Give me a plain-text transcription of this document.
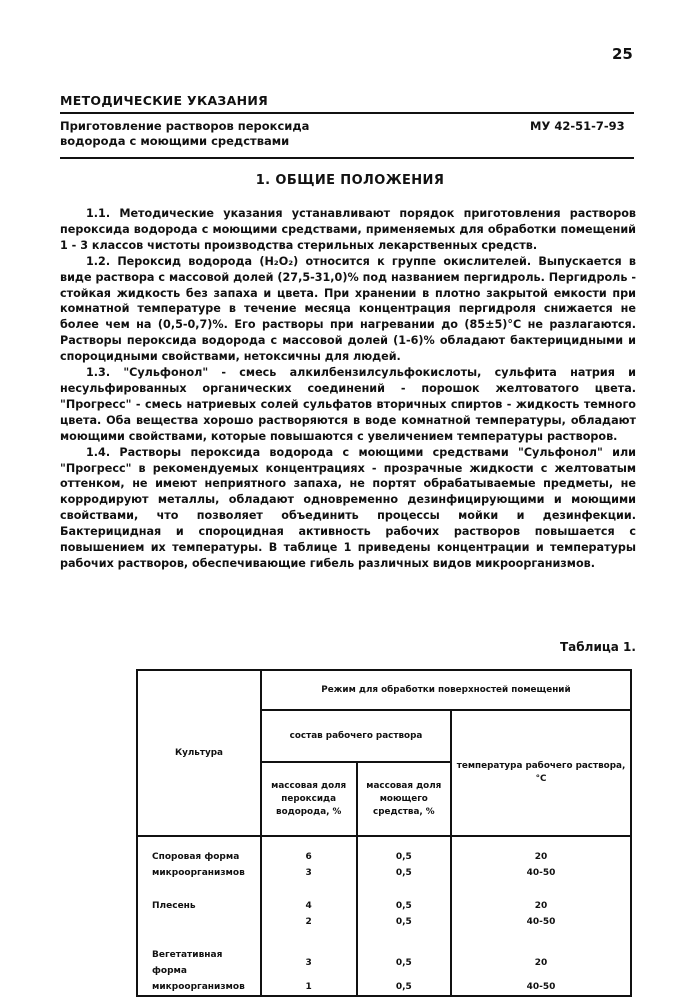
25
МЕТОДИЧЕСКИЕ УКАЗАНИЯ
Приготовление растворов пероксида
водорода с моющими средствами
МУ 42-51-7-93
1. ОБЩИЕ ПОЛОЖЕНИЯ

1.1. Методические указания устанавливают порядок приготовления растворов пероксида водорода с моющими средствами, применяемых для обработки помещений 1 - 3 классов чистоты производства стерильных лекарственных средств.

1.2. Пероксид водорода (H₂O₂) относится к группе окислителей. Выпускается в виде раствора с массовой долей (27,5-31,0)% под названием пергидроль. Пергидроль - стойкая жидкость без запаха и цвета. При хранении в плотно закрытой емкости при комнатной температуре в течение месяца концентрация пергидроля снижается не более чем на (0,5-0,7)%. Его растворы при нагревании до (85±5)°С не разлагаются. Растворы пероксида водорода с массовой долей (1-6)% обладают бактерицидными и спороцидными свойствами, нетоксичны для людей.

1.3. "Сульфонол" - смесь алкилбензилсульфокислоты, сульфита натрия и несульфированных органических соединений - порошок желтоватого цвета. "Прогресс" - смесь натриевых солей сульфатов вторичных спиртов - жидкость темного цвета. Оба вещества хорошо растворяются в воде комнатной температуры, обладают моющими свойствами, которые повышаются с увеличением температуры растворов.

1.4. Растворы пероксида водорода с моющими средствами "Сульфонол" или "Прогресс" в рекомендуемых концентрациях - прозрачные жидкости с желтоватым оттенком, не имеют неприятного запаха, не портят обрабатываемые предметы, не корродируют металлы, обладают одновременно дезинфицирующими и моющими свойствами, что позволяет объединить процессы мойки и дезинфекции. Бактерицидная и спороцидная активность рабочих растворов повышается с повышением их температуры. В таблице 1 приведены концентрации и температуры рабочих растворов, обеспечивающие гибель различных видов микроорганизмов.

Таблица 1.
Культура	Режим для обработки поверхностей помещений		
	состав рабочего раствора		температура рабочего раствора, °С
	массовая доля пероксида водорода, %	массовая доля моющего средства, %	
Споровая форма	6	0,5	20
микроорганизмов	3	0,5	40-50

Плесень	4	0,5	20
	2	0,5	40-50

Вегетативная форма	3	0,5	20
микроорганизмов	1	0,5	40-50
